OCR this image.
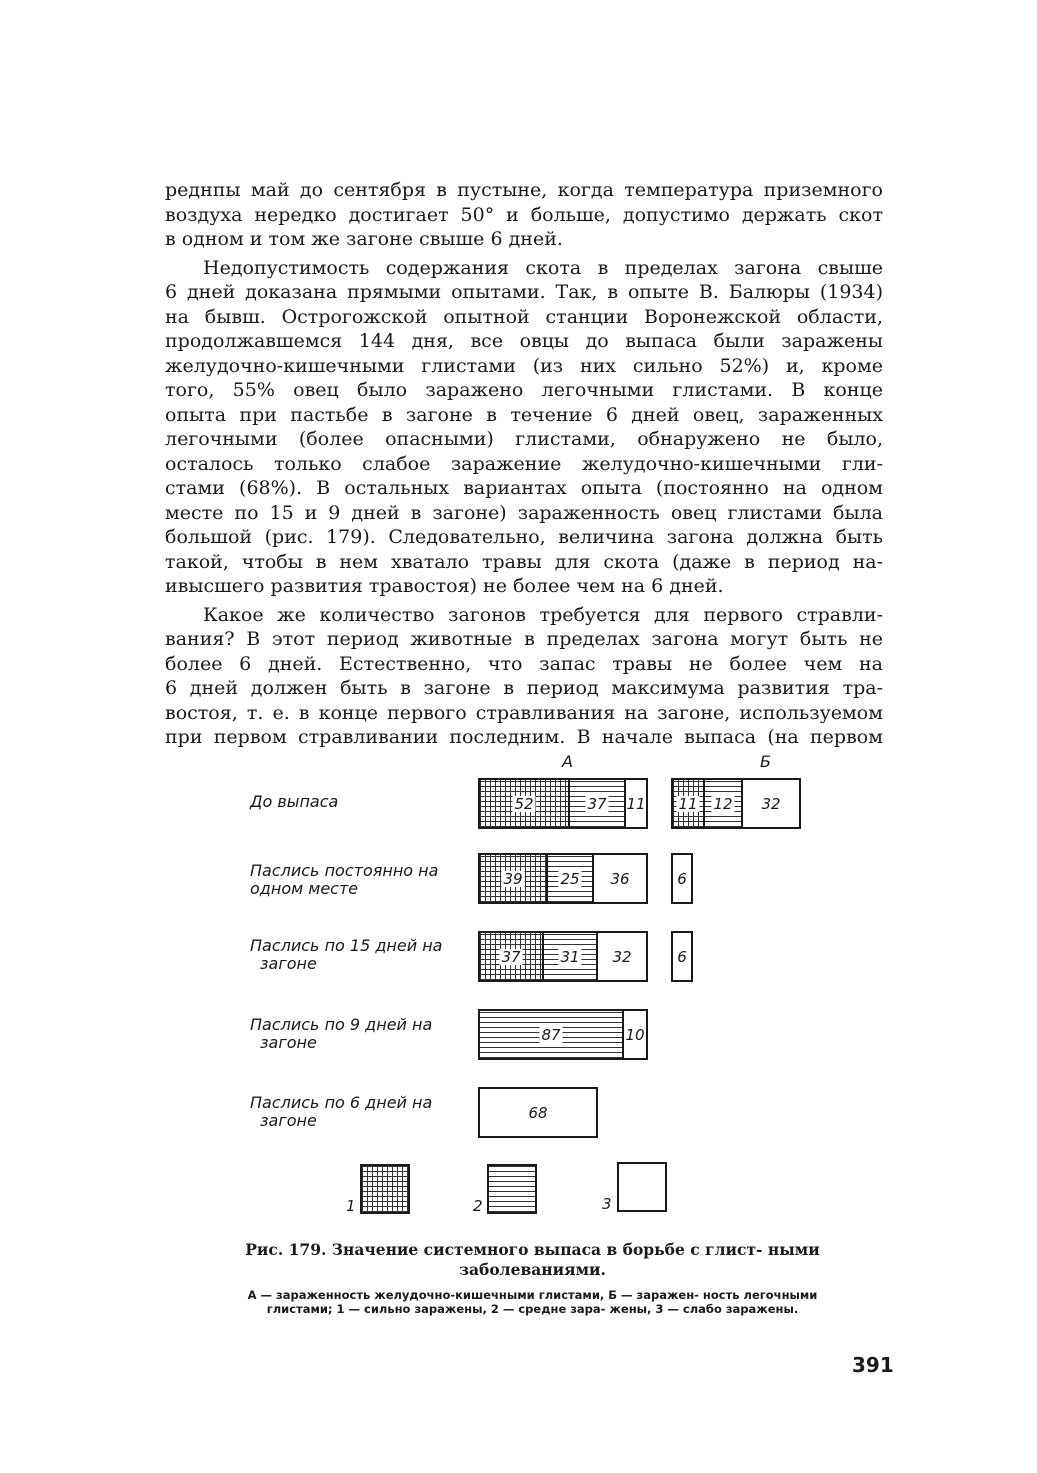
реднпы май до сентября в пустыне, когда температура приземного
воздуха нередко достигает 50° и больше, допустимо держать скот
в одном и том же загоне свыше 6 дней.

Недопустимость содержания скота в пределах загона свыше
6 дней доказана прямыми опытами. Так, в опыте В. Балюры (1934)
на бывш. Острогожской опытной станции Воронежской области,
продолжавшемся 144 дня, все овцы до выпаса были заражены
желудочно-кишечными глистами (из них сильно 52%) и, кроме
того, 55% овец было заражено легочными глистами. В конце
опыта при пастьбе в загоне в течение 6 дней овец, зараженных
легочными (более опасными) глистами, обнаружено не было,
осталось только слабое заражение желудочно-кишечными гли-
стами (68%). В остальных вариантах опыта (постоянно на одном
месте по 15 и 9 дней в загоне) зараженность овец глистами была
большой (рис. 179). Следовательно, величина загона должна быть
такой, чтобы в нем хватало травы для скота (даже в период на-
ивысшего развития травостоя) не более чем на 6 дней.

Какое же количество загонов требуется для первого стравли-
вания? В этот период животные в пределах загона могут быть не
более 6 дней. Естественно, что запас травы не более чем на
6 дней должен быть в загоне в период максимума развития тра-
востоя, т. е. в конце первого стравливания на загоне, используемом
при первом стравливании последним. В начале выпаса (на первом

А	Б
До выпаса	52	37 11 11 12 32
Паслись постоянно на
одном месте
39	25 36	6
Паслись по 15 дней на
загоне	37	31 32	6
Паслись по 9 дней на
загоне	87	10
Паслись по 6 дней на
загоне	68
1	2	3
Рис. 179. Значение системного выпаса в борьбе с глист- ными заболеваниями.
А — зараженность желудочно-кишечными глистами, Б — заражен- ность легочными глистами; 1 — сильно заражены, 2 — средне зара- жены, 3 — слабо заражены.
391
